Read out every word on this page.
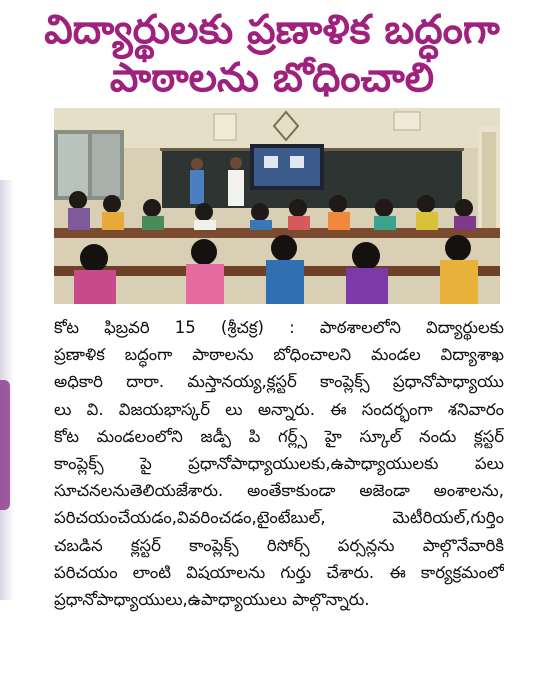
విద్యార్థులకు ప్రణాళిక బద్ధంగా
పాఠాలను బోధించాలి
కోట ఫిబ్రవరి 15 (శ్రీచక్ర) : పాఠశాలలోని విద్యార్థులకు
ప్రణాళిక బద్ధంగా పాఠాలను బోధించాలని మండల విద్యాశాఖ
అధికారి దారా. మస్తానయ్య,క్లస్టర్ కాంప్లెక్స్ ప్రధానోపాధ్యాయు
లు వి. విజయభాస్కర్ లు అన్నారు. ఈ సందర్భంగా శనివారం
కోట మండలంలోని జడ్పీ పి గర్ల్స్ హై స్కూల్ నందు క్లస్టర్
కాంప్లెక్స్ పై ప్రధానోపాధ్యాయులకు,ఉపాధ్యాయులకు పలు
సూచనలనుతెలియజేశారు. అంతేకాకుండా అజెండా అంశాలను,
పరిచయంచేయడం,వివరించడం,టైంటేబుల్, మెటీరియల్,గుర్తిం
చబడిన క్లస్టర్ కాంప్లెక్స్ రిసోర్స్ పర్సన్లను పాల్గొనేవారికి
పరిచయం లాంటి విషయాలను గుర్తు చేశారు. ఈ కార్యక్రమంలో
ప్రధానోపాధ్యాయులు,ఉపాధ్యాయులు పాల్గొన్నారు.
